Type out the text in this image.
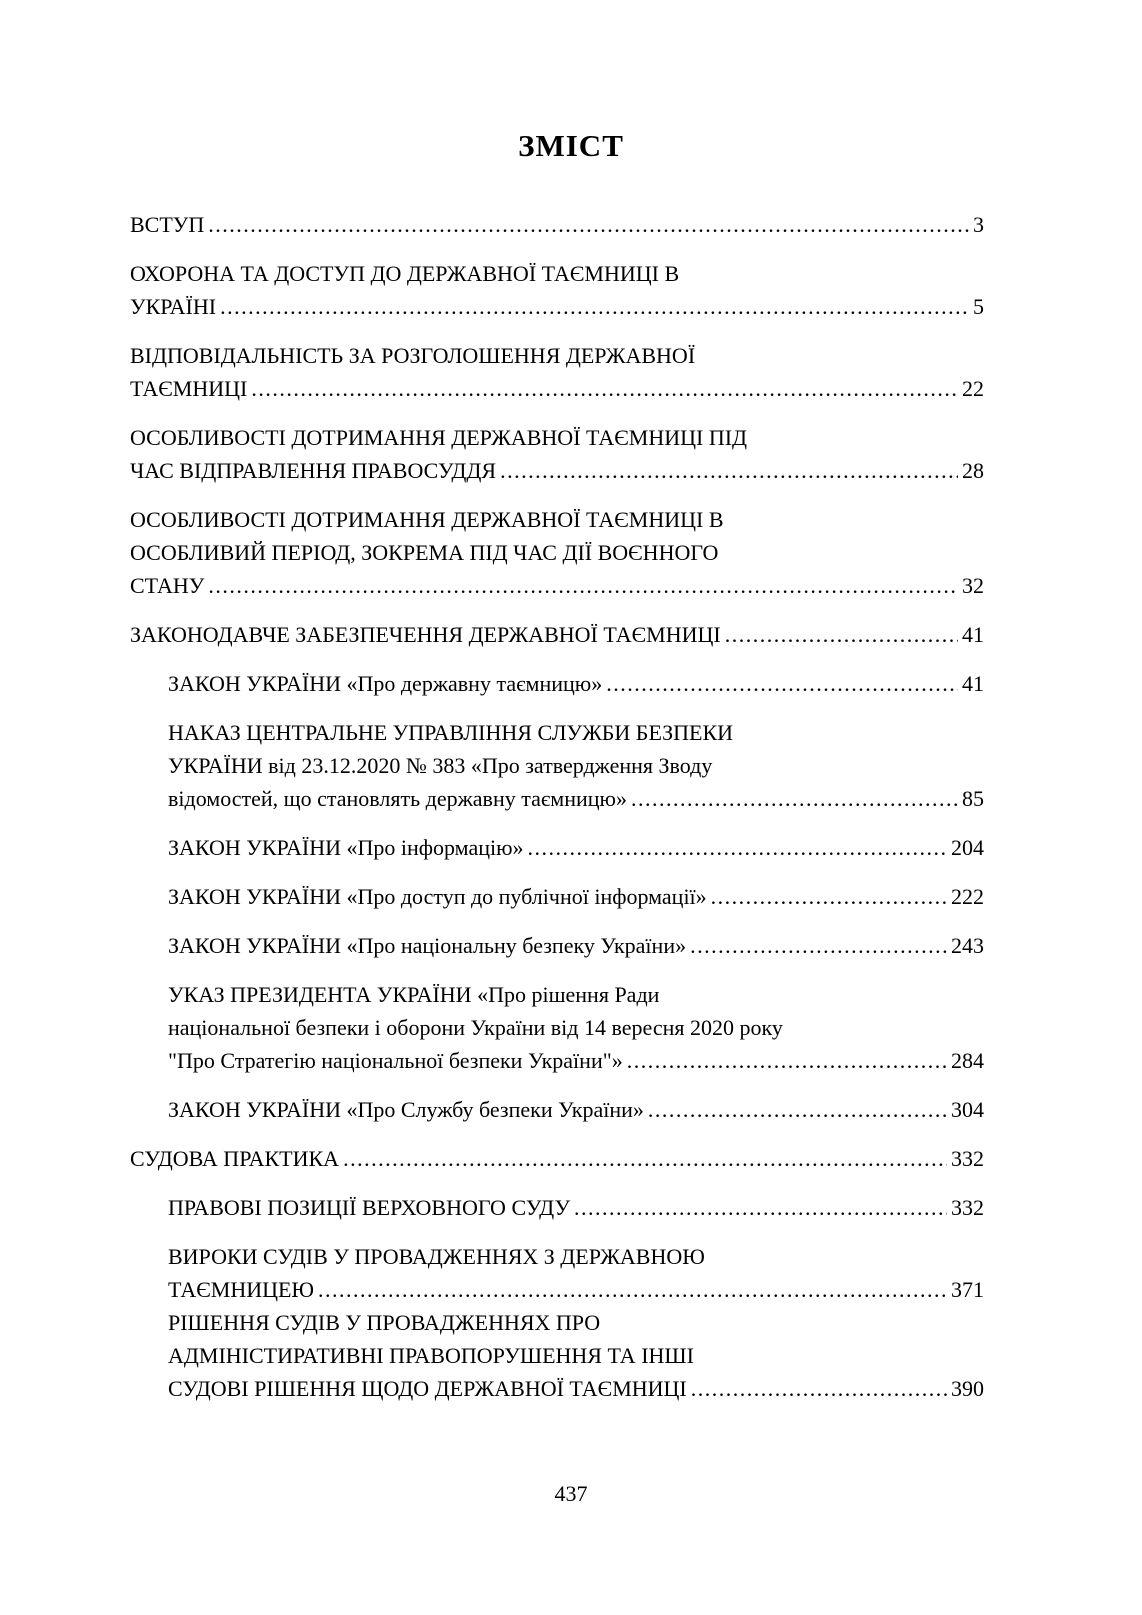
ЗМІСТ
ВСТУП .....	3
ОХОРОНА ТА ДОСТУП ДО ДЕРЖАВНОЇ ТАЄМНИЦІ В
УКРАЇНІ .....	5
ВІДПОВІДАЛЬНІСТЬ ЗА РОЗГОЛОШЕННЯ ДЕРЖАВНОЇ
ТАЄМНИЦІ .....	22
ОСОБЛИВОСТІ ДОТРИМАННЯ ДЕРЖАВНОЇ ТАЄМНИЦІ ПІД
ЧАС ВІДПРАВЛЕННЯ ПРАВОСУДДЯ .....	28
ОСОБЛИВОСТІ ДОТРИМАННЯ ДЕРЖАВНОЇ ТАЄМНИЦІ В
ОСОБЛИВИЙ ПЕРІОД, ЗОКРЕМА ПІД ЧАС ДІЇ ВОЄННОГО
СТАНУ .....	32
ЗАКОНОДАВЧЕ ЗАБЕЗПЕЧЕННЯ ДЕРЖАВНОЇ ТАЄМНИЦІ .....	41
ЗАКОН УКРАЇНИ «Про державну таємницю» .....	41
НАКАЗ ЦЕНТРАЛЬНЕ УПРАВЛІННЯ СЛУЖБИ БЕЗПЕКИ
УКРАЇНИ від 23.12.2020 № 383 «Про затвердження Зводу
відомостей, що становлять державну таємницю» .....	85
ЗАКОН УКРАЇНИ «Про інформацію» .....	204
ЗАКОН УКРАЇНИ «Про доступ до публічної інформації» .....	222
ЗАКОН УКРАЇНИ «Про національну безпеку України» .....	243
УКАЗ ПРЕЗИДЕНТА УКРАЇНИ «Про рішення Ради
національної безпеки і оборони України від 14 вересня 2020 року
"Про Стратегію національної безпеки України"» .....	284
ЗАКОН УКРАЇНИ «Про Службу безпеки України» .....	304
СУДОВА ПРАКТИКА .....	332
ПРАВОВІ ПОЗИЦІЇ ВЕРХОВНОГО СУДУ .....	332
ВИРОКИ СУДІВ У ПРОВАДЖЕННЯХ З ДЕРЖАВНОЮ
ТАЄМНИЦЕЮ .....	371
РІШЕННЯ СУДІВ У ПРОВАДЖЕННЯХ ПРО
АДМІНІСТИРАТИВНІ ПРАВОПОРУШЕННЯ ТА ІНШІ
СУДОВІ РІШЕННЯ ЩОДО ДЕРЖАВНОЇ ТАЄМНИЦІ .....	390
437
